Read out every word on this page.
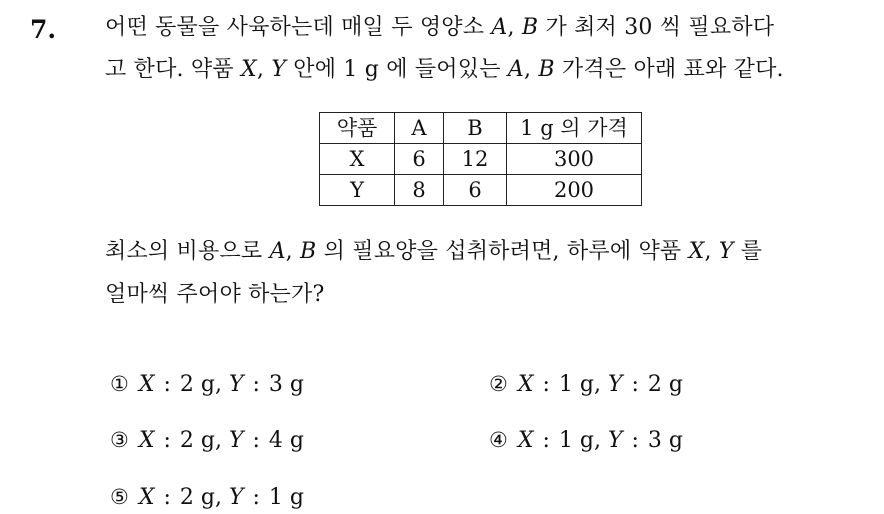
7. 어떤 동물을 사육하는데 매일 두 영양소 A, B 가 최저 30 씩 필요하다
고 한다. 약품 X, Y 안에 1 g 에 들어있는 A, B 가격은 아래 표와 같다.
약품	A	B	1 g 의 가격
X	6	12	300
Y	8	6	200
최소의 비용으로 A, B 의 필요양을 섭취하려면, 하루에 약품 X, Y 를
얼마씩 주어야 하는가?
① X : 2 g, Y : 3 g	② X : 1 g, Y : 2 g
③ X : 2 g, Y : 4 g	④ X : 1 g, Y : 3 g
⑤ X : 2 g, Y : 1 g
